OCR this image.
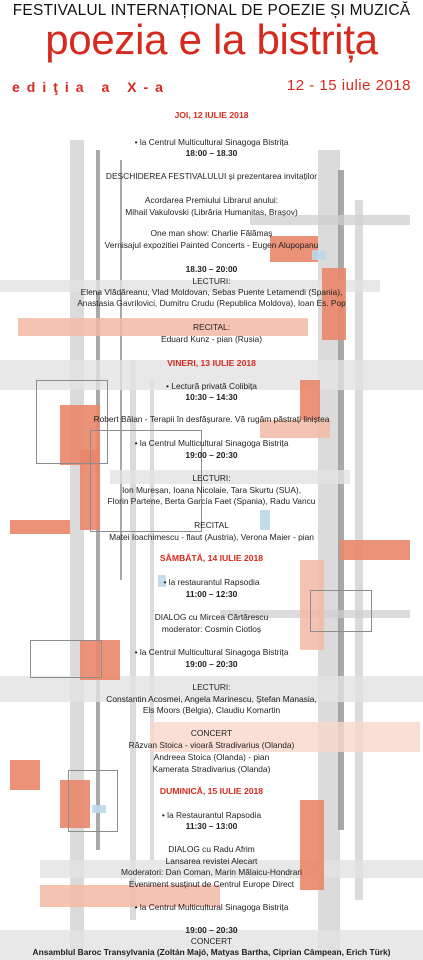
FESTIVALUL INTERNAȚIONAL DE POEZIE ȘI MUZICĂ
poezia e la bistrița
ediţia a X-a	12 - 15 iulie 2018
JOI, 12 IULIE 2018
• la Centrul Multicultural Sinagoga Bistrița
18:00 – 18.30
DESCHIDEREA FESTIVALULUI și prezentarea invitaților
Acordarea Premiului Librarul anului:
Mihail Vakulovski (Librăria Humanitas, Brașov)
One man show: Charlie Fălămaș
Vernisajul expozitiei Painted Concerts - Eugen Alupopanu
18.30 – 20:00
LECTURI:
Elena Vlădăreanu, Vlad Moldovan, Sebas Puente Letamendi (Spania),
Anastasia Gavrilovici, Dumitru Crudu (Republica Moldova), Ioan Es. Pop
RECITAL:
Eduard Kunz - pian (Rusia)
VINERI, 13 IULIE 2018
• Lectură privată Colibița
10:30 – 14:30
Robert Bălan - Terapii în desfășurare. Vă rugăm păstrați liniștea
• la Centrul Multicultural Sinagoga Bistrița
19:00 – 20:30
LECTURI:
Ion Mureșan, Ioana Nicolaie, Tara Skurtu (SUA),
Florin Partene, Berta García Faet (Spania), Radu Vancu
RECITAL
Matei Ioachimescu - flaut (Austria), Verona Maier - pian
SÂMBĂTĂ, 14 IULIE 2018
• la restaurantul Rapsodia
11:00 – 12:30
DIALOG cu Mircea Cărtărescu
moderator: Cosmin Ciotloș
• la Centrul Multicultural Sinagoga Bistrița
19:00 – 20:30
LECTURI:
Constantin Acosmei, Angela Marinescu, Ștefan Manasia,
Els Moors (Belgia), Claudiu Komartin
CONCERT
Răzvan Stoica - vioară Stradivarius (Olanda)
Andreea Stoica (Olanda) - pian
Kamerata Stradivarius (Olanda)
DUMINICĂ, 15 IULIE 2018
• la Restaurantul Rapsodia
11:30 – 13:00
DIALOG cu Radu Afrim
Lansarea revistei Alecart
Moderatori: Dan Coman, Marin Mălaicu-Hondrari
Eveniment susținut de Centrul Europe Direct
• la Centrul Multicultural Sinagoga Bistrița
19:00 – 20:30
CONCERT
Ansamblul Baroc Transylvania (Zoltán Majó, Matyas Bartha, Ciprian Câmpean, Erich Türk)
